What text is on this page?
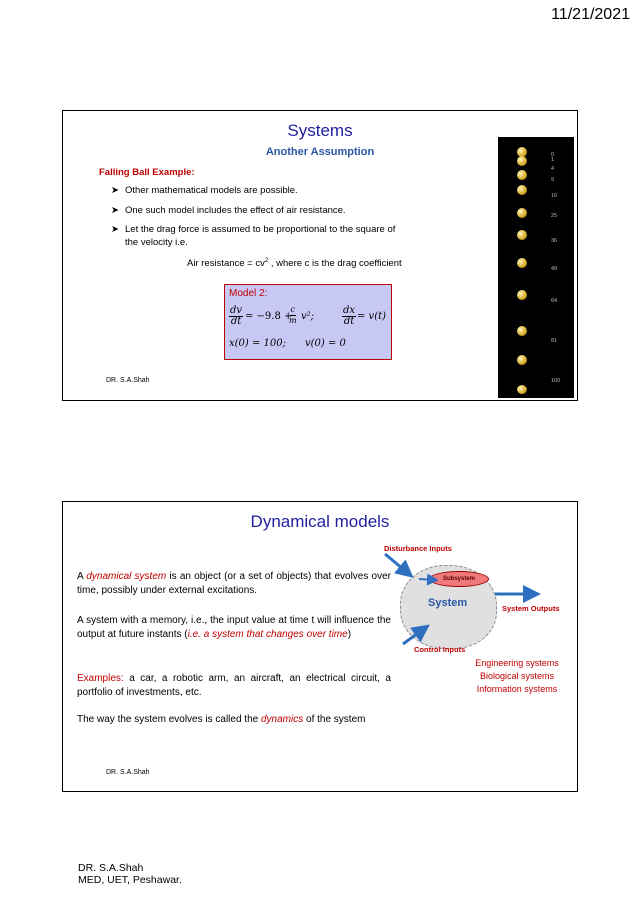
11/21/2021
Systems
Another Assumption
Falling Ball Example:
➤ Other mathematical models are possible.
➤ One such model includes the effect of air resistance.
➤ Let the drag force is assumed to be proportional to the square of the velocity i.e.
Air resistance = $cv^2$ , where c is the drag coefficient
Model 2:
$\frac{dv}{dt} = -9.8$ +
$\frac{c}{m} v^2$;	$\frac{dx}{dt} = v(t)$
x(0) = 100; v(0) = 0
0
1
4
9
16
25
36
49
64
81
100
DR. S.A.Shah
Dynamical models
A dynamical system is an object (or a set of objects) that evolves over time, possibly under external excitations.
A system with a memory, i.e., the input value at time t will influence the output at future instants (i.e. a system that changes over time)
Examples: a car, a robotic arm, an aircraft, an electrical circuit, a portfolio of investments, etc.
The way the system evolves is called the dynamics of the system
Disturbance Inputs
Subsystem
System	System Outputs
Control Inputs
Engineering systems
Biological systems
Information systems
DR. S.A.Shah
DR. S.A.Shah
MED, UET, Peshawar.
